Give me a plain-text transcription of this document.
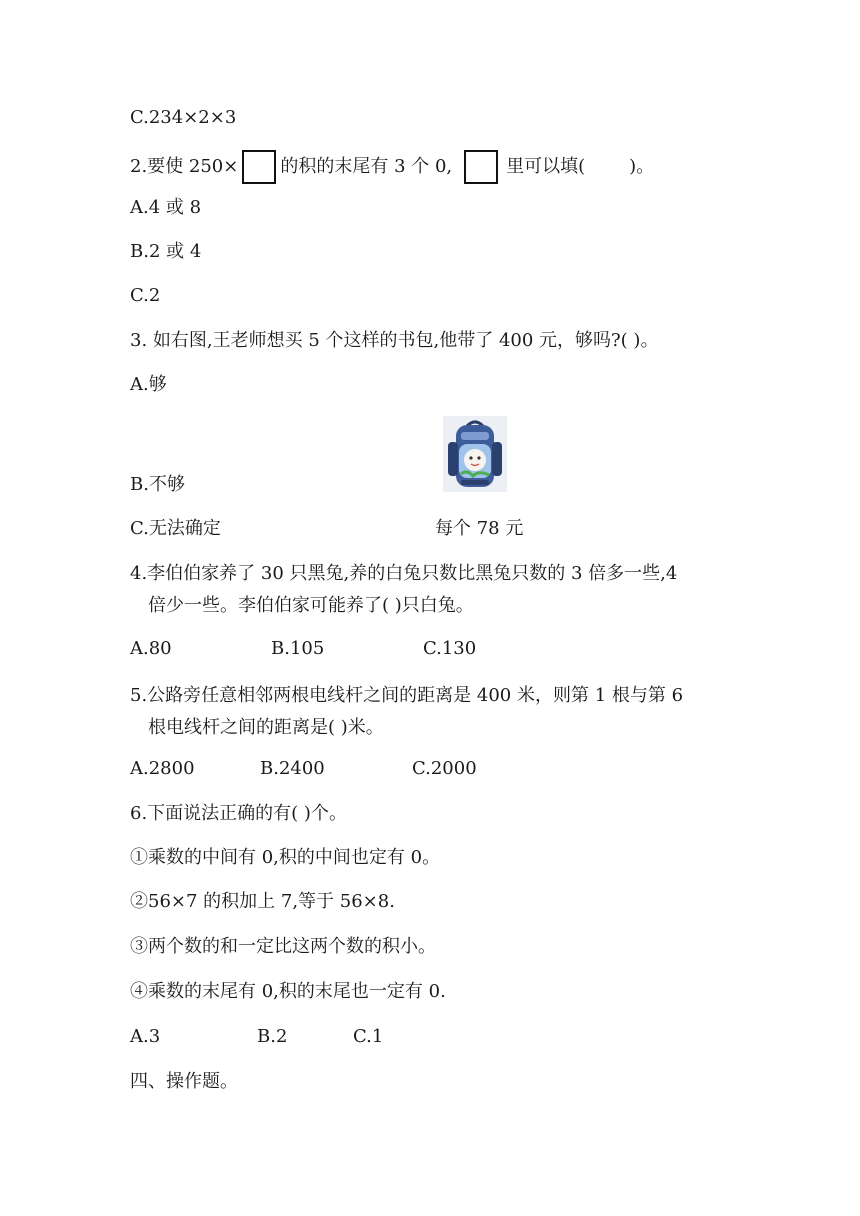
C.234×2×3
2.要使 250× 的积的末尾有 3 个 0,	里可以填( )。
A.4 或 8
B.2 或 4
C.2
3. 如右图,王老师想买 5 个这样的书包,他带了 400 元，够吗?( )。
A.够
B.不够
C.无法确定	每个 78 元
4.李伯伯家养了 30 只黑兔,养的白兔只数比黑兔只数的 3 倍多一些,4
倍少一些。李伯伯家可能养了( )只白兔。
A.80	B.105	C.130
5.公路旁任意相邻两根电线杆之间的距离是 400 米，则第 1 根与第 6
根电线杆之间的距离是( )米。
A.2800	B.2400	C.2000
6.下面说法正确的有( )个。
①乘数的中间有 0,积的中间也定有 0。
②56×7 的积加上 7,等于 56×8.
③两个数的和一定比这两个数的积小。
④乘数的末尾有 0,积的末尾也一定有 0.
A.3	B.2	C.1
四、操作题。
